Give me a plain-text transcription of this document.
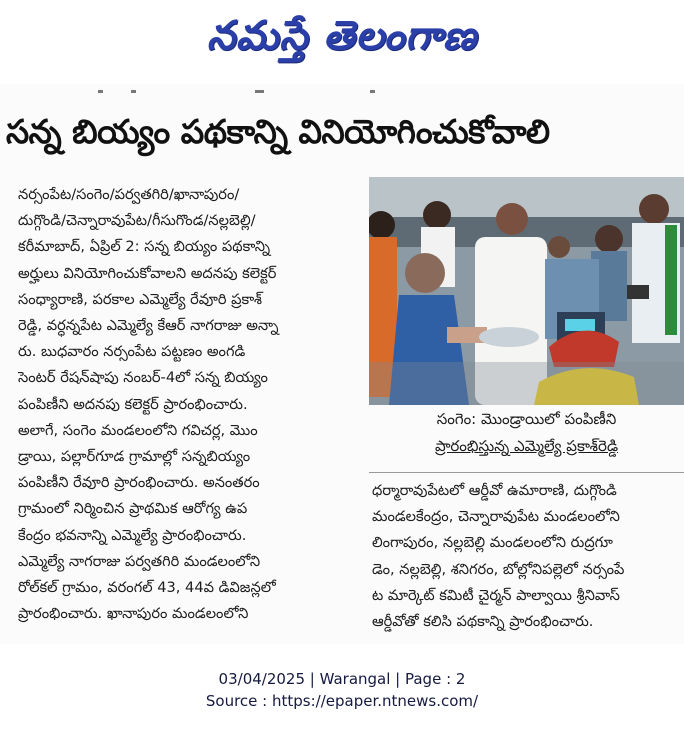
నమస్తే తెలంగాణ
సన్న బియ్యం పథకాన్ని వినియోగించుకోవాలి
నర్సంపేట/సంగెం/పర్వతగిరి/ఖానాపురం/
దుగ్గొండి/చెన్నారావుపేట/గీసుగొండ/నల్లబెల్లి/
కరీమాబాద్, ఏప్రిల్ 2: సన్న బియ్యం పథకాన్ని
అర్హులు వినియోగించుకోవాలని అదనపు కలెక్టర్
సంధ్యారాణి, పరకాల ఎమ్మెల్యే రేవూరి ప్రకాశ్
రెడ్డి, వర్ధన్నపేట ఎమ్మెల్యే కేఆర్ నాగరాజు అన్నా
రు. బుధవారం నర్సంపేట పట్టణం అంగడి
సెంటర్ రేషన్‌షాపు నంబర్-4లో సన్న బియ్యం
పంపిణీని అదనపు కలెక్టర్ ప్రారంభించారు.
అలాగే, సంగెం మండలంలోని గవిచర్ల, మొం
డ్రాయి, పల్లార్‌గూడ గ్రామాల్లో సన్నబియ్యం
పంపిణీని రేవూరి ప్రారంభించారు. అనంతరం
గ్రామంలో నిర్మించిన ప్రాథమిక ఆరోగ్య ఉప
కేంద్రం భవనాన్ని ఎమ్మెల్యే ప్రారంభించారు.
ఎమ్మెల్యే నాగరాజు పర్వతగిరి మండలంలోని
రోల్‌కల్ గ్రామం, వరంగల్ 43, 44వ డివిజన్లలో
ప్రారంభించారు. ఖానాపురం మండలంలోని
సంగెం: మొండ్రాయిలో పంపిణీని
ప్రారంభిస్తున్న ఎమ్మెల్యే ప్రకాశ్‌రెడ్డి
ధర్మారావుపేటలో ఆర్డీవో ఉమారాణి, దుగ్గొండి
మండలకేంద్రం, చెన్నారావుపేట మండలంలోని
లింగాపురం, నల్లబెల్లి మండలంలోని రుద్రగూ
డెం, నల్లబెల్లి, శనిగరం, బోల్లోనిపల్లెలో నర్సంపే
ట మార్కెట్ కమిటీ చైర్మన్ పాల్వాయి శ్రీనివాస్
ఆర్డీవోతో కలిసి పథకాన్ని ప్రారంభించారు.
03/04/2025 | Warangal | Page : 2
Source : https://epaper.ntnews.com/
